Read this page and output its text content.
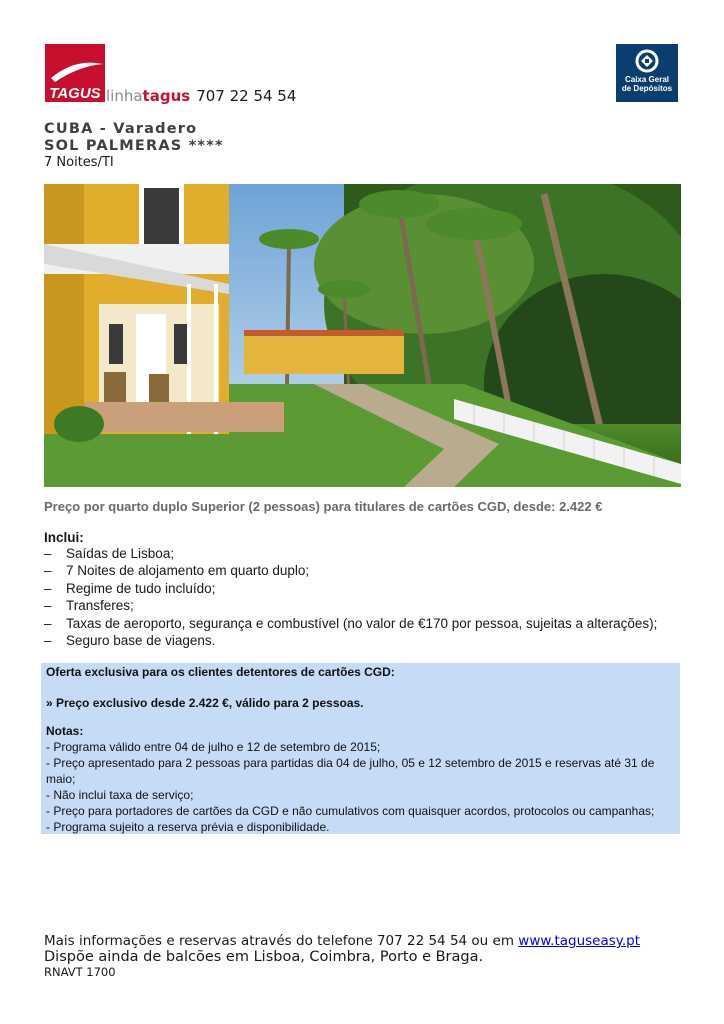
TAGUS linhatagus 707 22 54 54
Caixa Geral
de Depósitos
CUBA - Varadero
SOL PALMERAS ****
7 Noites/TI
Preço por quarto duplo Superior (2 pessoas) para titulares de cartões CGD, desde: 2.422 €
Inclui:
– Saídas de Lisboa;
– 7 Noites de alojamento em quarto duplo;
– Regime de tudo incluído;
– Transferes;
– Taxas de aeroporto, segurança e combustível (no valor de €170 por pessoa, sujeitas a alterações);
– Seguro base de viagens.
Oferta exclusiva para os clientes detentores de cartões CGD:
» Preço exclusivo desde 2.422 €, válido para 2 pessoas.
Notas:
- Programa válido entre 04 de julho e 12 de setembro de 2015;
- Preço apresentado para 2 pessoas para partidas dia 04 de julho, 05 e 12 setembro de 2015 e reservas até 31 de
maio;
- Não inclui taxa de serviço;
- Preço para portadores de cartões da CGD e não cumulativos com quaisquer acordos, protocolos ou campanhas;
- Programa sujeito a reserva prévia e disponibilidade.
Mais informações e reservas através do telefone 707 22 54 54 ou em www.taguseasy.pt
Dispõe ainda de balcões em Lisboa, Coimbra, Porto e Braga.
RNAVT 1700
